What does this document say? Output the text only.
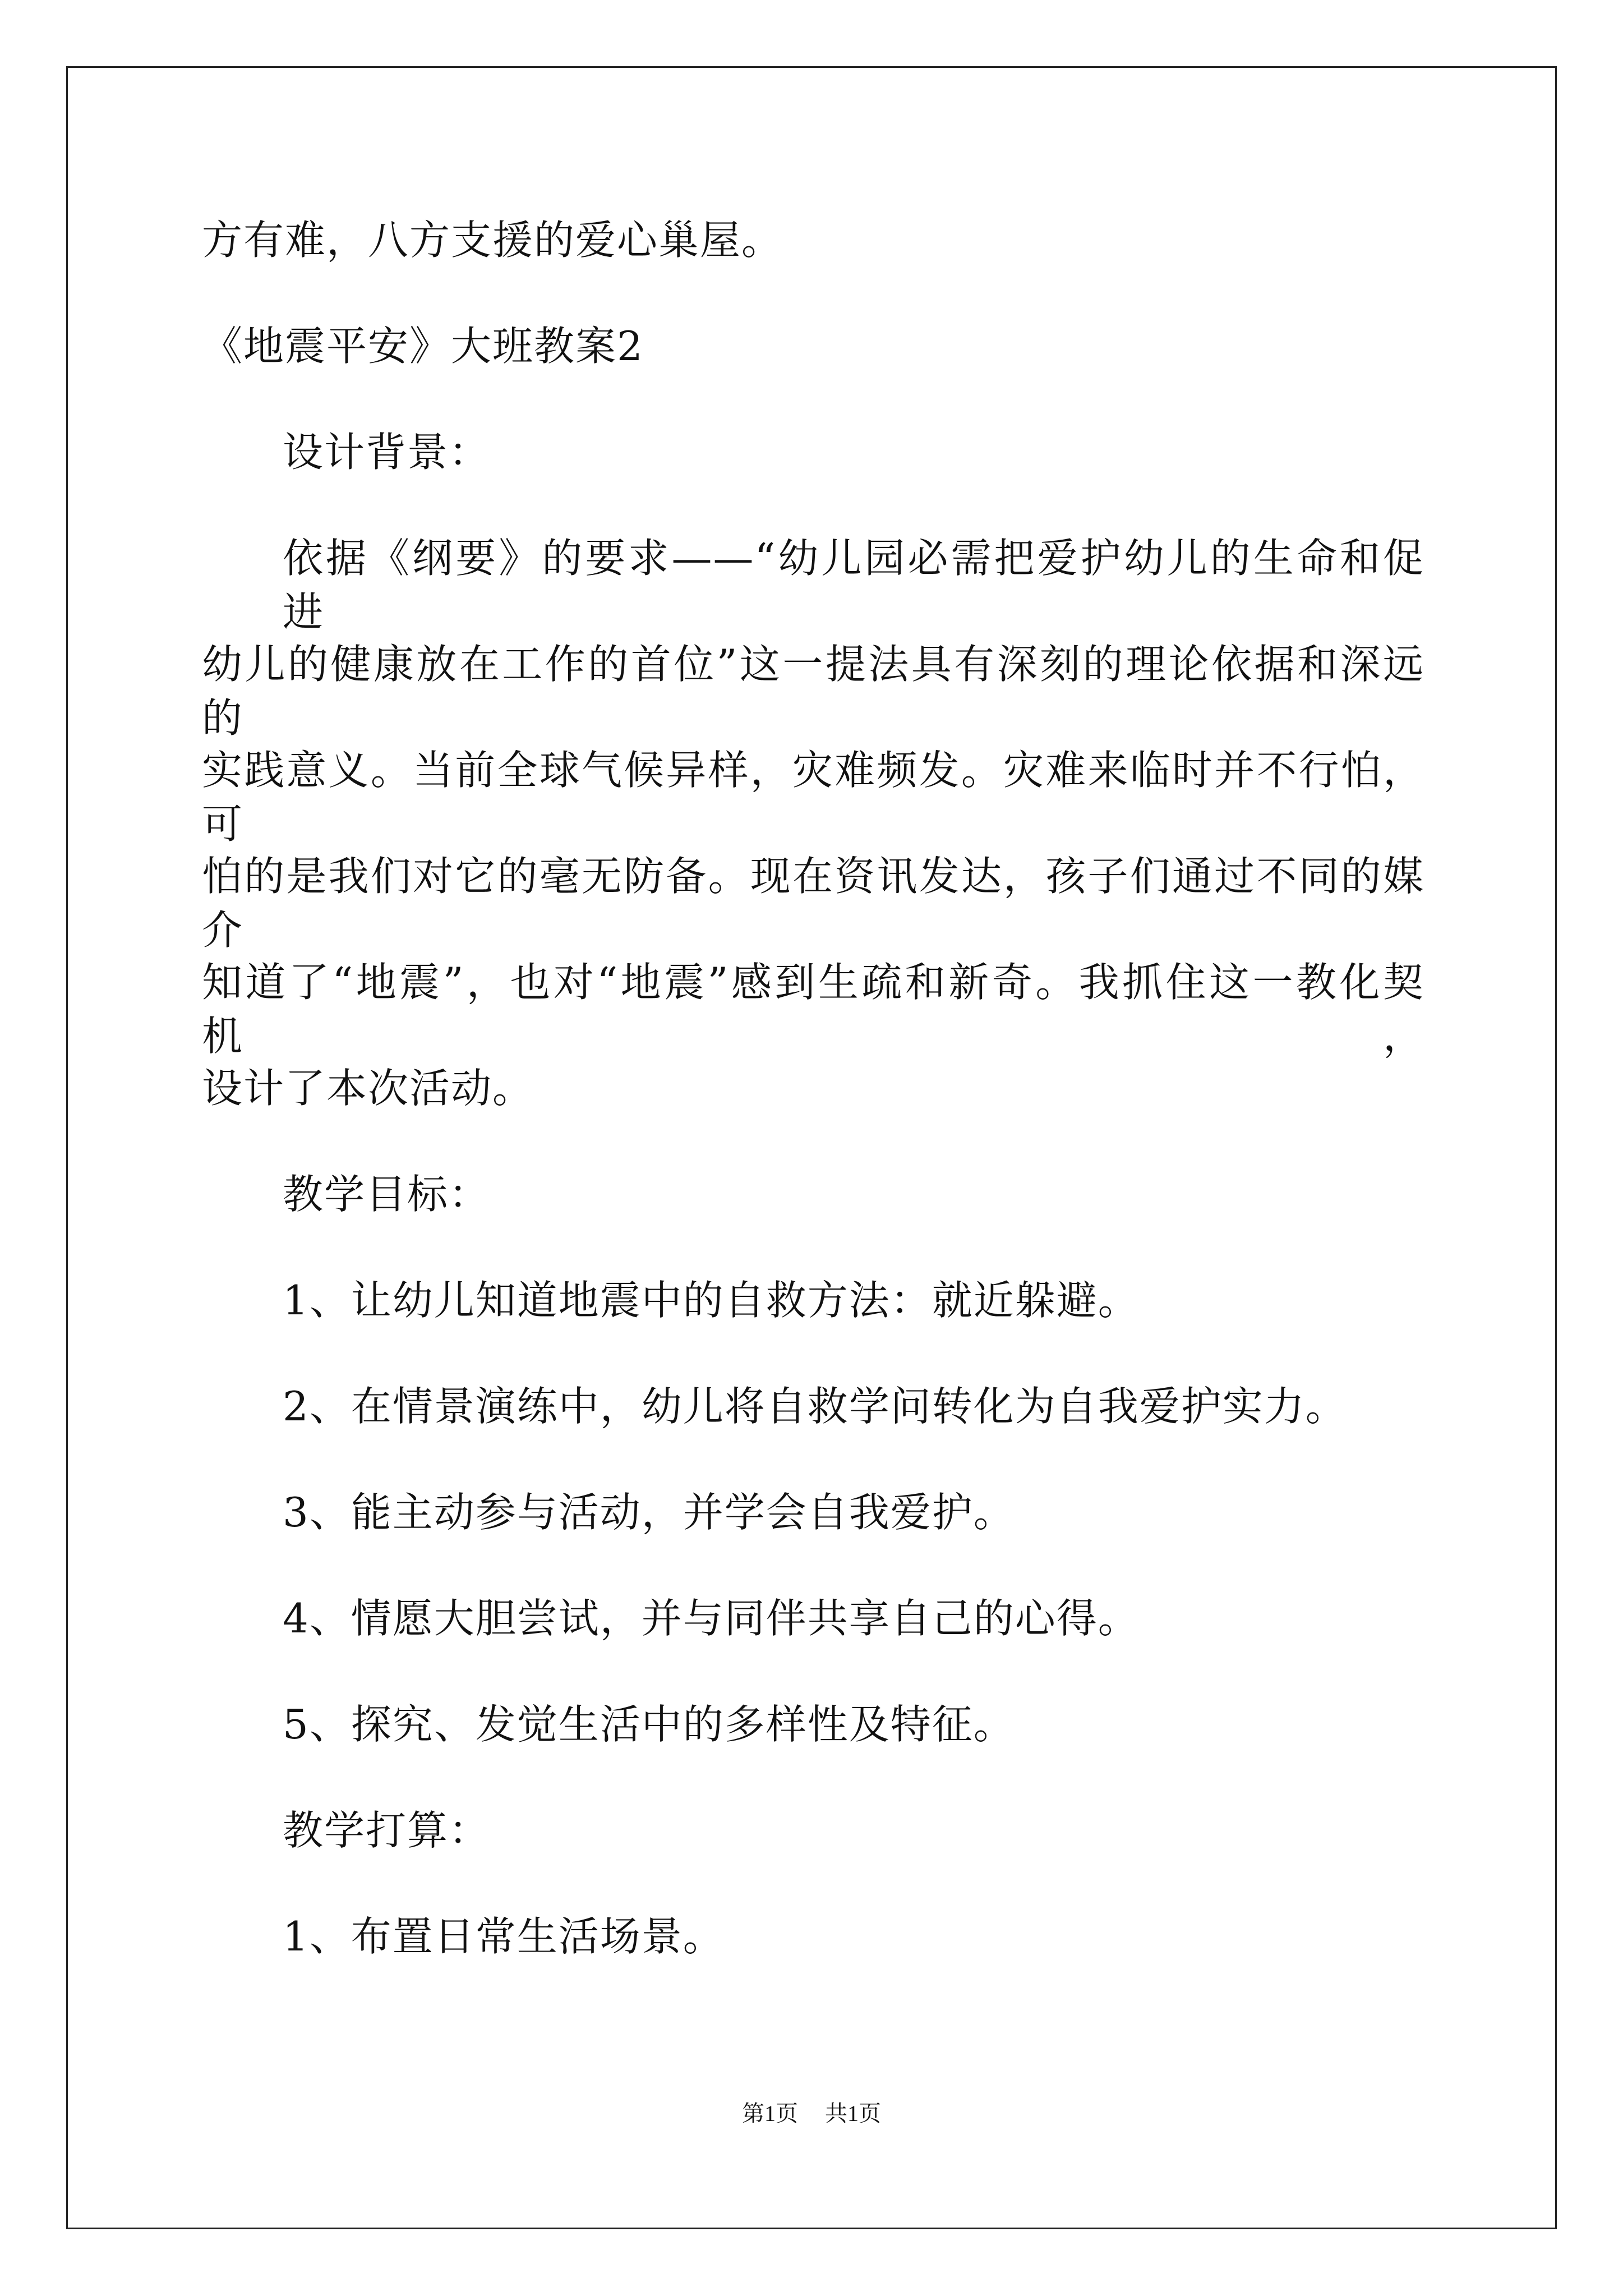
方有难，八方支援的爱心巢屋。
《地震平安》大班教案2
设计背景：
依据《纲要》的要求——“幼儿园必需把爱护幼儿的生命和促进
幼儿的健康放在工作的首位”这一提法具有深刻的理论依据和深远的
实践意义。当前全球气候异样，灾难频发。灾难来临时并不行怕，可
怕的是我们对它的毫无防备。现在资讯发达，孩子们通过不同的媒介
知道了“地震”，也对“地震”感到生疏和新奇。我抓住这一教化契机，
设计了本次活动。
教学目标：
1、让幼儿知道地震中的自救方法：就近躲避。
2、在情景演练中，幼儿将自救学问转化为自我爱护实力。
3、能主动参与活动，并学会自我爱护。
4、情愿大胆尝试，并与同伴共享自己的心得。
5、探究、发觉生活中的多样性及特征。
教学打算：
1、布置日常生活场景。
第1页 共1页
